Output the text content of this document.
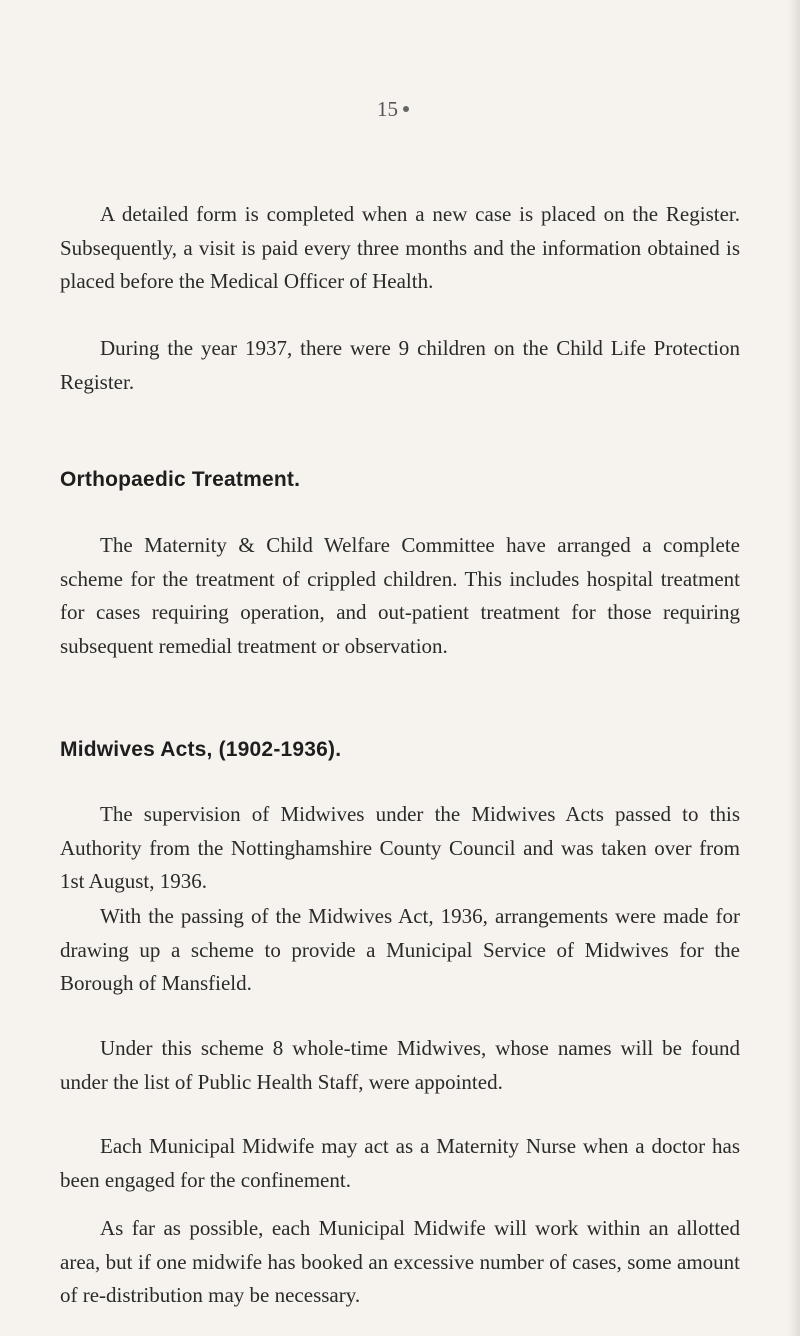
15

A detailed form is completed when a new case is placed on the Register. Subsequently, a visit is paid every three months and the information obtained is placed before the Medical Officer of Health.

During the year 1937, there were 9 children on the Child Life Protection Register.

Orthopaedic Treatment.

The Maternity & Child Welfare Committee have arranged a complete scheme for the treatment of crippled children. This includes hospital treatment for cases requiring operation, and out-patient treatment for those requiring subsequent remedial treatment or observation.

Midwives Acts, (1902-1936).

The supervision of Midwives under the Midwives Acts passed to this Authority from the Nottinghamshire County Council and was taken over from 1st August, 1936.

With the passing of the Midwives Act, 1936, arrangements were made for drawing up a scheme to provide a Municipal Service of Midwives for the Borough of Mansfield.

Under this scheme 8 whole-time Midwives, whose names will be found under the list of Public Health Staff, were appointed.

Each Municipal Midwife may act as a Maternity Nurse when a doctor has been engaged for the confinement.

As far as possible, each Municipal Midwife will work within an allotted area, but if one midwife has booked an excessive number of cases, some amount of re-distribution may be necessary.
